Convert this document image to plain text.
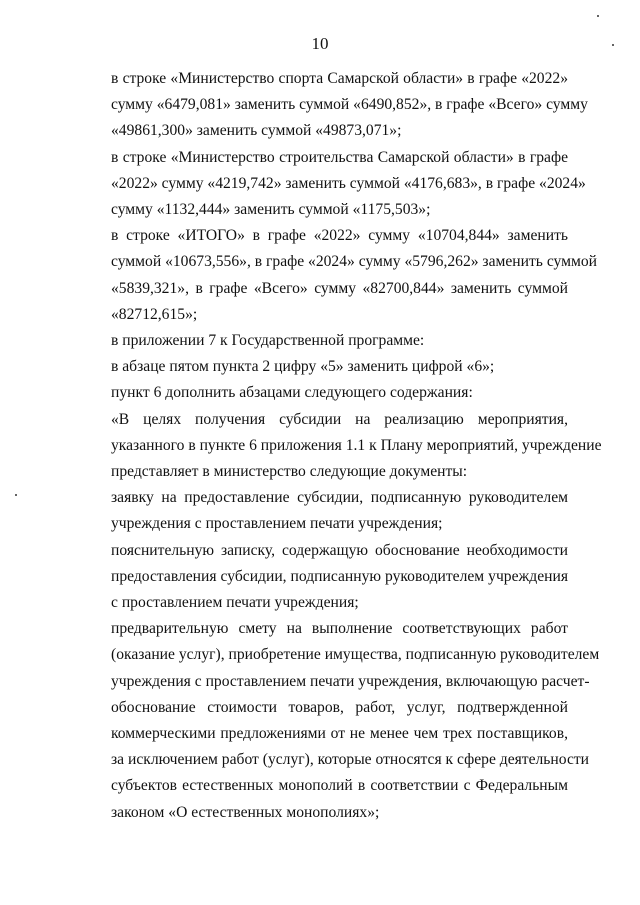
10

в строке «Министерство спорта Самарской области» в графе «2022»
сумму «6479,081» заменить суммой «6490,852», в графе «Всего» сумму
«49861,300» заменить суммой «49873,071»;

в строке «Министерство строительства Самарской области» в графе
«2022» сумму «4219,742» заменить суммой «4176,683», в графе «2024»
сумму «1132,444» заменить суммой «1175,503»;

в строке «ИТОГО» в графе «2022» сумму «10704,844» заменить
суммой «10673,556», в графе «2024» сумму «5796,262» заменить суммой
«5839,321», в графе «Всего» сумму «82700,844» заменить суммой
«82712,615»;

в приложении 7 к Государственной программе:

в абзаце пятом пункта 2 цифру «5» заменить цифрой «6»;

пункт 6 дополнить абзацами следующего содержания:

«В целях получения субсидии на реализацию мероприятия,
указанного в пункте 6 приложения 1.1 к Плану мероприятий, учреждение
представляет в министерство следующие документы:

заявку на предоставление субсидии, подписанную руководителем
учреждения с проставлением печати учреждения;

пояснительную записку, содержащую обоснование необходимости
предоставления субсидии, подписанную руководителем учреждения
с проставлением печати учреждения;

предварительную смету на выполнение соответствующих работ
(оказание услуг), приобретение имущества, подписанную руководителем
учреждения с проставлением печати учреждения, включающую расчет-
обоснование стоимости товаров, работ, услуг, подтвержденной
коммерческими предложениями от не менее чем трех поставщиков,
за исключением работ (услуг), которые относятся к сфере деятельности
субъектов естественных монополий в соответствии с Федеральным
законом «О естественных монополиях»;
